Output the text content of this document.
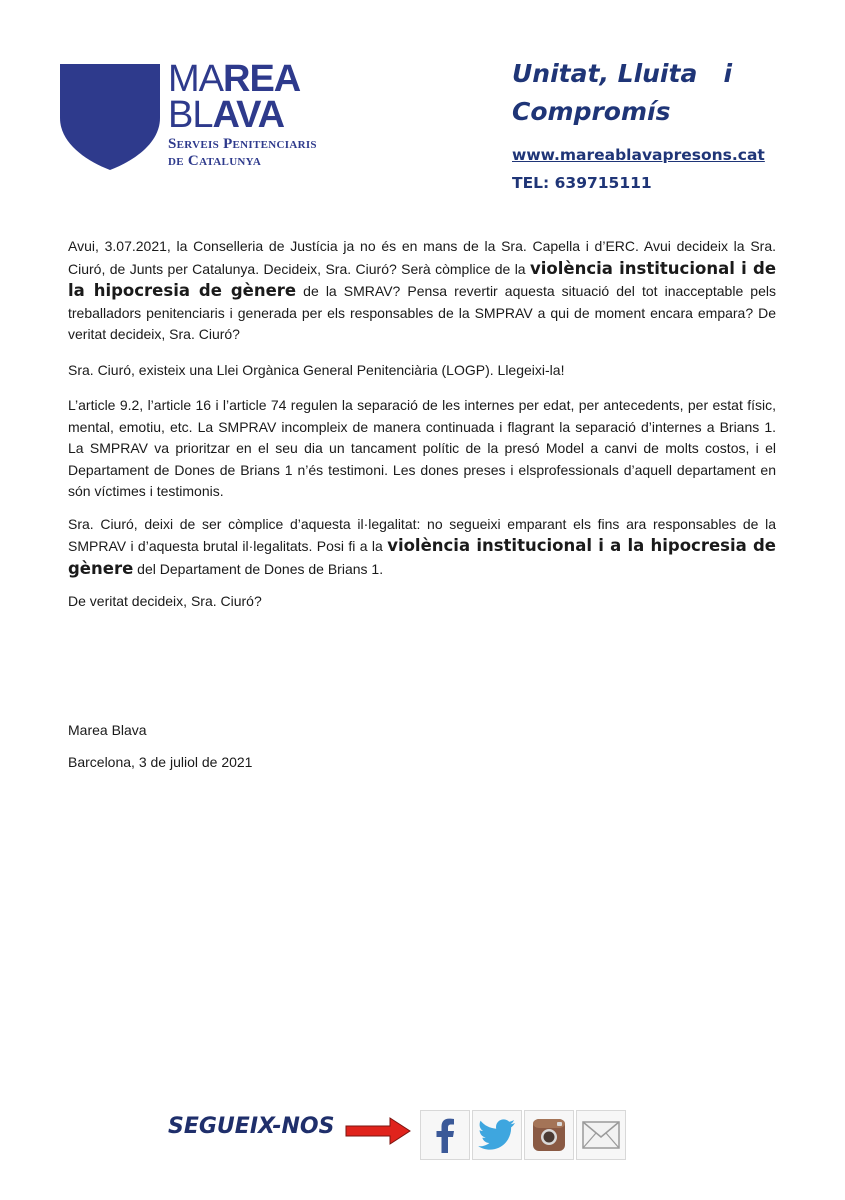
MAREA
BLAVA
Serveis Penitenciaris
de Catalunya
Unitat, Lluita   i
Compromís
www.mareablavapresons.cat
TEL: 639715111

Avui, 3.07.2021, la Conselleria de Justícia ja no és en mans de la Sra. Capella i d’ERC. Avui decideix la Sra. Ciuró, de Junts per Catalunya. Decideix, Sra. Ciuró? Serà còmplice de la violència institucional i de la hipocresia de gènere de la SMRAV? Pensa revertir aquesta situació del tot inacceptable pels treballadors penitenciaris i generada per els responsables de la SMPRAV a qui de moment encara empara? De veritat decideix, Sra. Ciuró?

Sra. Ciuró, existeix una Llei Orgànica General Penitenciària (LOGP). Llegeixi-la!

L’article 9.2, l’article 16 i l’article 74 regulen la separació de les internes per edat, per antecedents, per estat físic, mental, emotiu, etc. La SMPRAV incompleix de manera continuada i flagrant la separació d’internes a Brians 1. La SMPRAV va prioritzar en el seu dia un tancament polític de la presó Model a canvi de molts costos, i el Departament de Dones de Brians 1 n’és testimoni. Les dones preses i elsprofessionals d’aquell departament en són víctimes i testimonis.

Sra. Ciuró, deixi de ser còmplice d’aquesta il·legalitat: no segueixi emparant els fins ara responsables de la SMPRAV i d’aquesta brutal il·legalitats. Posi fi a la violència institucional i a la hipocresia de gènere del Departament de Dones de Brians 1.

De veritat decideix, Sra. Ciuró?

Marea Blava
Barcelona, 3 de juliol de 2021
SEGUEIX-NOS
